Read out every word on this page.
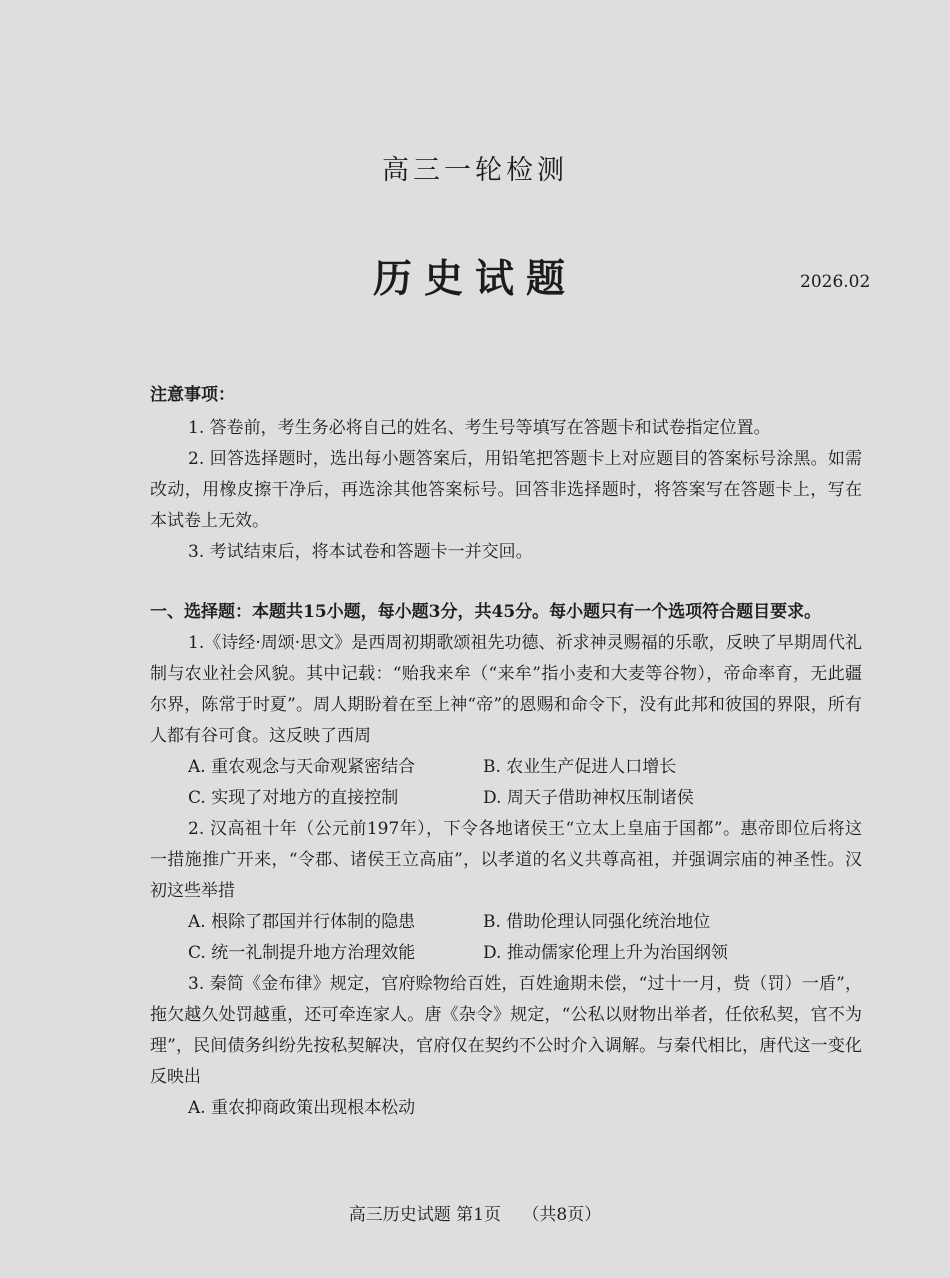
高三一轮检测
历史试题	2026.02
注意事项：
1. 答卷前，考生务必将自己的姓名、考生号等填写在答题卡和试卷指定位置。
2. 回答选择题时，选出每小题答案后，用铅笔把答题卡上对应题目的答案标号涂黑。如需改动，用橡皮擦干净后，再选涂其他答案标号。回答非选择题时，将答案写在答题卡上，写在本试卷上无效。
3. 考试结束后，将本试卷和答题卡一并交回。
一、选择题：本题共15小题，每小题3分，共45分。每小题只有一个选项符合题目要求。
1.《诗经·周颂·思文》是西周初期歌颂祖先功德、祈求神灵赐福的乐歌，反映了早期周代礼制与农业社会风貌。其中记载：“贻我来牟（“来牟”指小麦和大麦等谷物），帝命率育，无此疆尔界，陈常于时夏”。周人期盼着在至上神“帝”的恩赐和命令下，没有此邦和彼国的界限，所有人都有谷可食。这反映了西周
A. 重农观念与天命观紧密结合	B. 农业生产促进人口增长
C. 实现了对地方的直接控制	D. 周天子借助神权压制诸侯
2. 汉高祖十年（公元前197年），下令各地诸侯王“立太上皇庙于国都”。惠帝即位后将这一措施推广开来，“令郡、诸侯王立高庙”，以孝道的名义共尊高祖，并强调宗庙的神圣性。汉初这些举措
A. 根除了郡国并行体制的隐患	B. 借助伦理认同强化统治地位
C. 统一礼制提升地方治理效能	D. 推动儒家伦理上升为治国纲领
3. 秦简《金布律》规定，官府赊物给百姓，百姓逾期未偿，“过十一月，赀（罚）一盾”，拖欠越久处罚越重，还可牵连家人。唐《杂令》规定，“公私以财物出举者，任依私契，官不为理”，民间债务纠纷先按私契解决，官府仅在契约不公时介入调解。与秦代相比，唐代这一变化反映出
A. 重农抑商政策出现根本松动
高三历史试题 第1页 （共8页）
